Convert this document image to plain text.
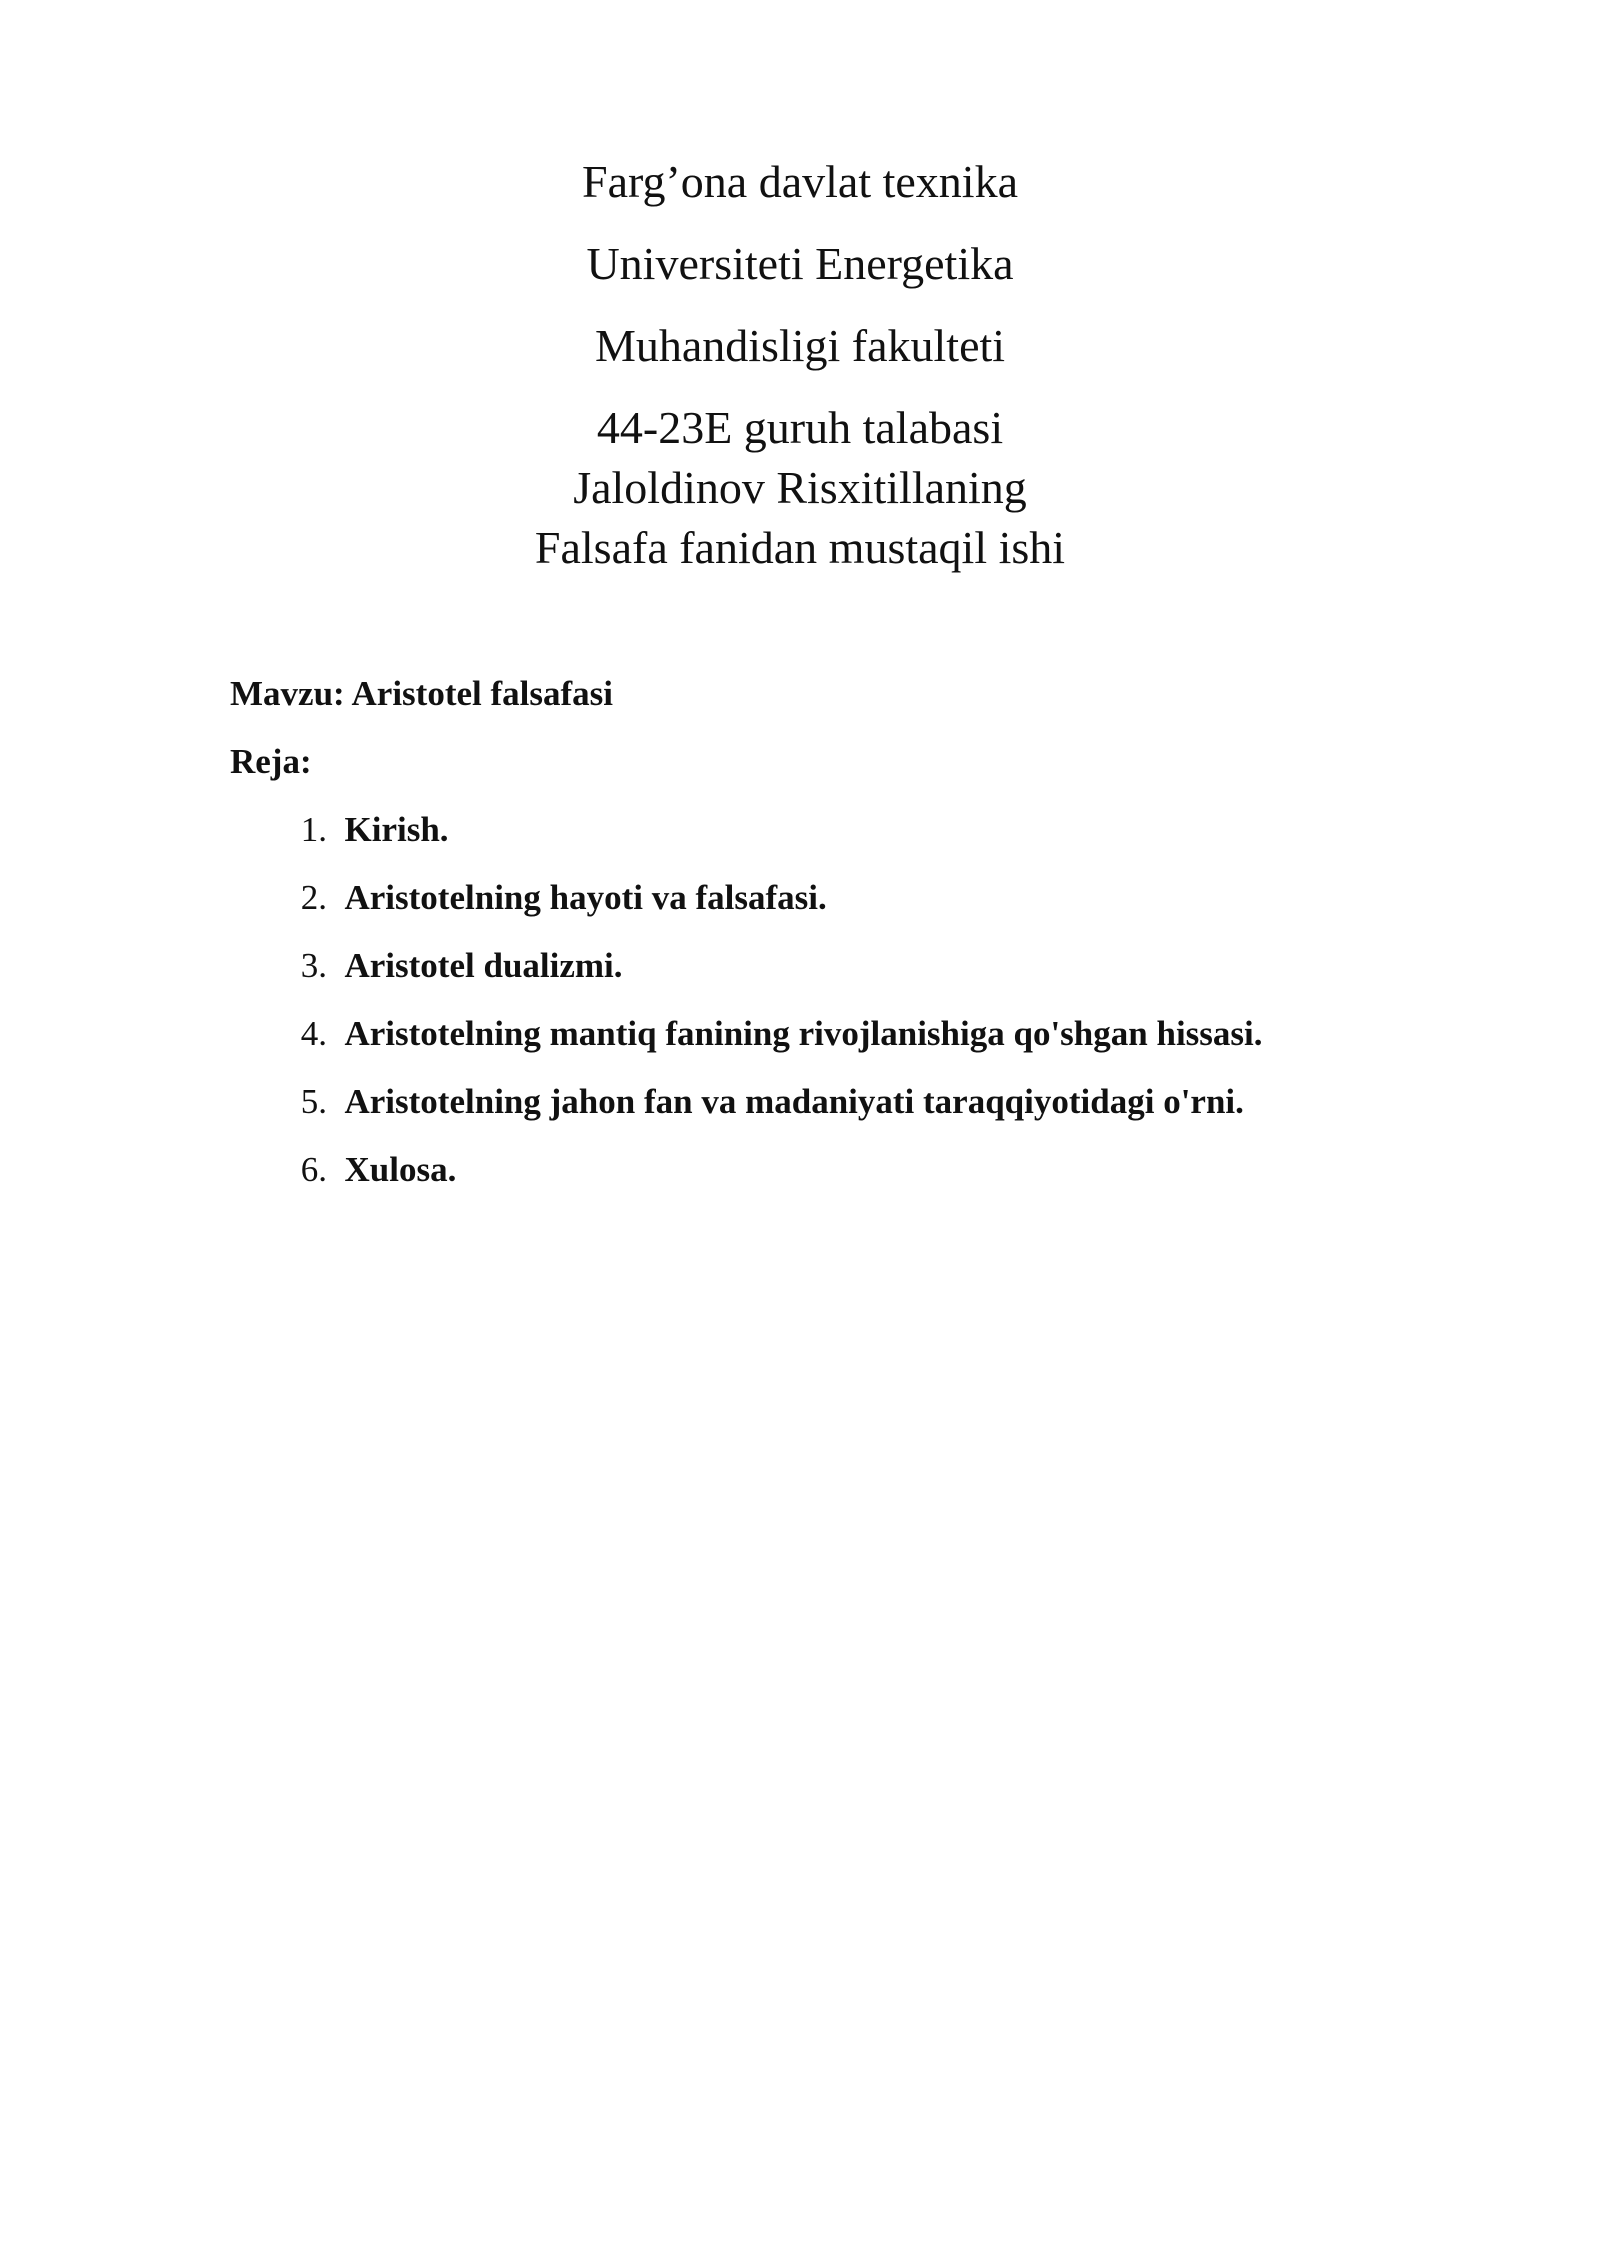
Farg’ona davlat texnika
Universiteti Energetika
Muhandisligi fakulteti
44-23E guruh talabasi
Jaloldinov Risxitillaning
Falsafa fanidan mustaqil ishi
Mavzu: Aristotel falsafasi
Reja:
1. Kirish.
2. Aristotelning hayoti va falsafasi.
3. Aristotel dualizmi.
4. Aristotelning mantiq fanining rivojlanishiga qo'shgan hissasi.
5. Aristotelning jahon fan va madaniyati taraqqiyotidagi o'rni.
6. Xulosa.
